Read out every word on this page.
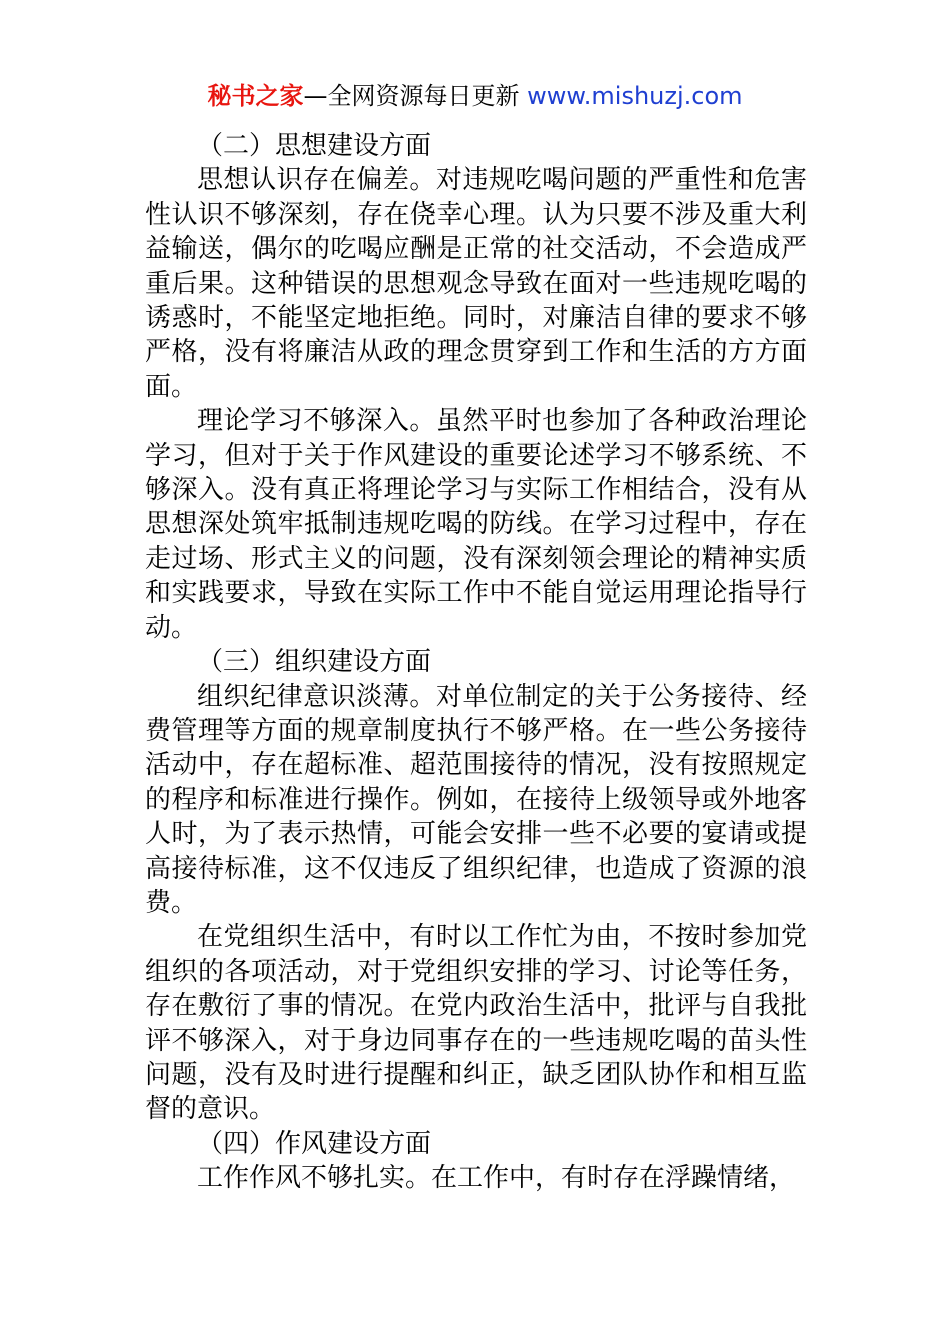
秘书之家—全网资源每日更新 www.mishuzj.com

（二）思想建设方面

思想认识存在偏差。对违规吃喝问题的严重性和危害性认识不够深刻，存在侥幸心理。认为只要不涉及重大利益输送，偶尔的吃喝应酬是正常的社交活动，不会造成严重后果。这种错误的思想观念导致在面对一些违规吃喝的诱惑时，不能坚定地拒绝。同时，对廉洁自律的要求不够严格，没有将廉洁从政的理念贯穿到工作和生活的方方面面。

理论学习不够深入。虽然平时也参加了各种政治理论学习，但对于关于作风建设的重要论述学习不够系统、不够深入。没有真正将理论学习与实际工作相结合，没有从思想深处筑牢抵制违规吃喝的防线。在学习过程中，存在走过场、形式主义的问题，没有深刻领会理论的精神实质和实践要求，导致在实际工作中不能自觉运用理论指导行动。

（三）组织建设方面

组织纪律意识淡薄。对单位制定的关于公务接待、经费管理等方面的规章制度执行不够严格。在一些公务接待活动中，存在超标准、超范围接待的情况，没有按照规定的程序和标准进行操作。例如，在接待上级领导或外地客人时，为了表示热情，可能会安排一些不必要的宴请或提高接待标准，这不仅违反了组织纪律，也造成了资源的浪费。

在党组织生活中，有时以工作忙为由，不按时参加党组织的各项活动，对于党组织安排的学习、讨论等任务，存在敷衍了事的情况。在党内政治生活中，批评与自我批评不够深入，对于身边同事存在的一些违规吃喝的苗头性问题，没有及时进行提醒和纠正，缺乏团队协作和相互监督的意识。

（四）作风建设方面

工作作风不够扎实。在工作中，有时存在浮躁情绪，
